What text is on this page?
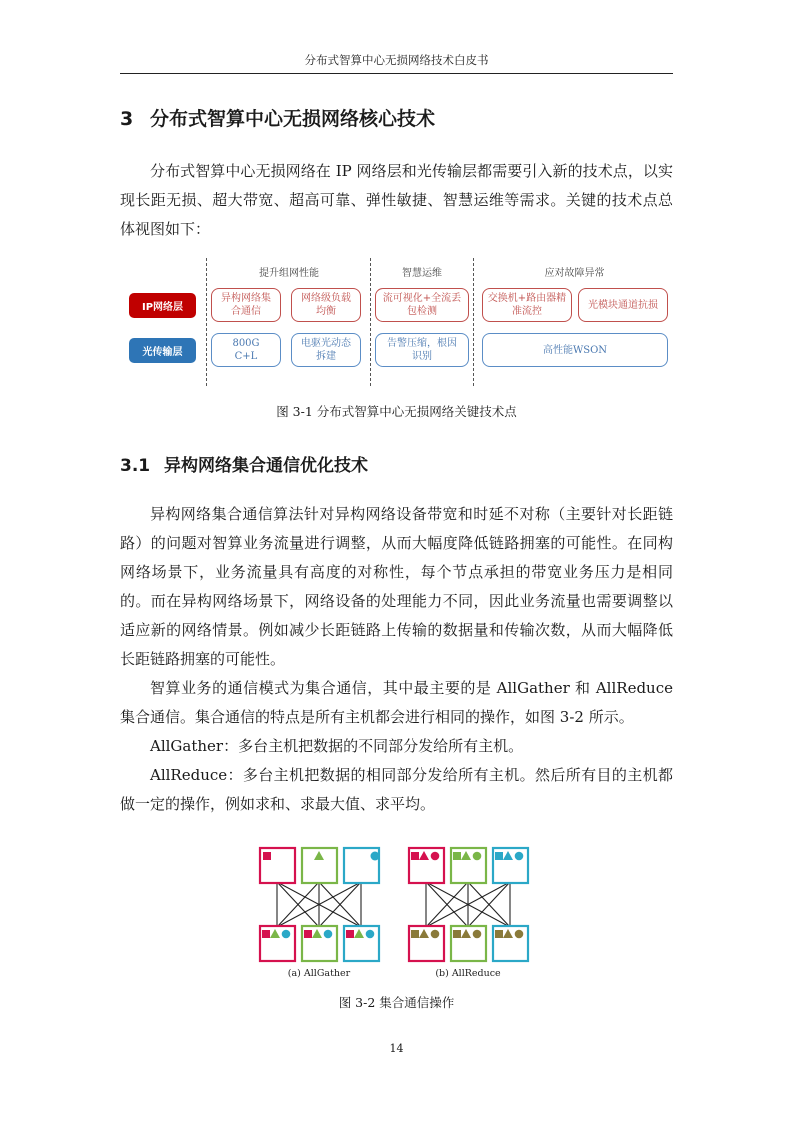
分布式智算中心无损网络技术白皮书
3 分布式智算中心无损网络核心技术

分布式智算中心无损网络在 IP 网络层和光传输层都需要引入新的技术点，以实现长距无损、超大带宽、超高可靠、弹性敏捷、智慧运维等需求。关键的技术点总体视图如下：

提升组网性能	智慧运维	应对故障异常
IP网络层
光传输层
异构网络集
合通信
网络级负载
均衡
流可视化+全流丢
包检测
交换机+路由器精
准流控
光模块通道抗损
800G
C+L
电驱光动态
拆建
告警压缩，根因
识别
高性能WSON
图 3-1 分布式智算中心无损网络关键技术点
3.1 异构网络集合通信优化技术

异构网络集合通信算法针对异构网络设备带宽和时延不对称（主要针对长距链路）的问题对智算业务流量进行调整，从而大幅度降低链路拥塞的可能性。在同构网络场景下，业务流量具有高度的对称性，每个节点承担的带宽业务压力是相同的。而在异构网络场景下，网络设备的处理能力不同，因此业务流量也需要调整以适应新的网络情景。例如减少长距链路上传输的数据量和传输次数，从而大幅降低长距链路拥塞的可能性。

智算业务的通信模式为集合通信，其中最主要的是 AllGather 和 AllReduce 集合通信。集合通信的特点是所有主机都会进行相同的操作，如图 3-2 所示。

AllGather：多台主机把数据的不同部分发给所有主机。

AllReduce：多台主机把数据的相同部分发给所有主机。然后所有目的主机都做一定的操作，例如求和、求最大值、求平均。

(a) AllGather	(b) AllReduce
图 3-2 集合通信操作
14
